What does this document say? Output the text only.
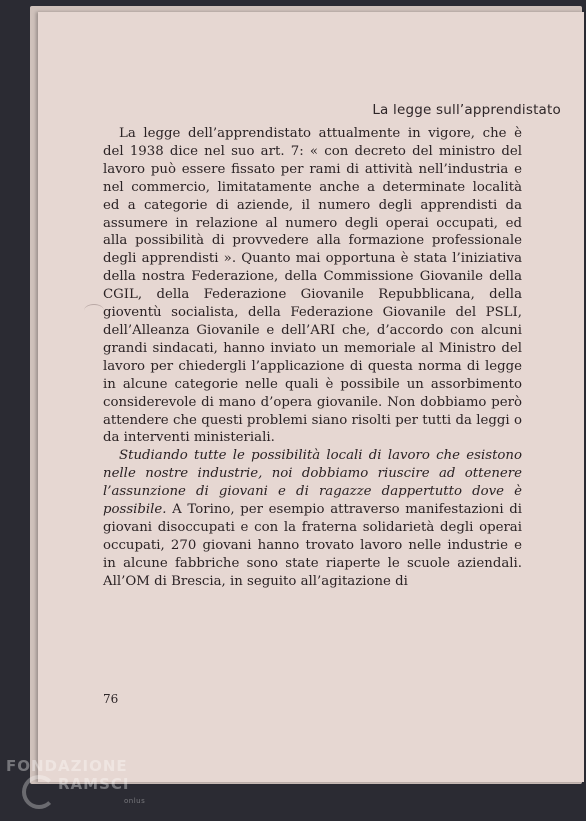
La legge sull’apprendistato

La legge dell’apprendistato attualmente in vigore, che è del 1938 dice nel suo art. 7: « con decreto del ministro del lavoro può essere fissato per rami di attività nell’industria e nel commercio, limitatamente anche a determinate località ed a categorie di aziende, il numero degli apprendisti da assumere in relazione al numero degli operai occupati, ed alla possibilità di provvedere alla formazione professionale degli apprendisti ». Quanto mai opportuna è stata l’iniziativa della nostra Federazione, della Commissione Giovanile della CGIL, della Federazione Giovanile Repubblicana, della gioventù socialista, della Federazione Giovanile del PSLI, dell’Alleanza Giovanile e dell’ARI che, d’accordo con alcuni grandi sindacati, hanno inviato un memoriale al Ministro del lavoro per chiedergli l’applicazione di questa norma di legge in alcune categorie nelle quali è possibile un assorbimento considerevole di mano d’opera giovanile. Non dobbiamo però attendere che questi problemi siano risolti per tutti da leggi o da interventi ministeriali.

Studiando tutte le possibilità locali di lavoro che esistono nelle nostre industrie, noi dobbiamo riuscire ad ottenere l’assunzione di giovani e di ragazze dappertutto dove è possibile. A Torino, per esempio attraverso manifestazioni di giovani disoccupati e con la fraterna solidarietà degli operai occupati, 270 giovani hanno trovato lavoro nelle industrie e in alcune fabbriche sono state riaperte le scuole aziendali. All’OM di Brescia, in seguito all’agitazione di

76
FONDAZIONE
RAMSCI
onlus
